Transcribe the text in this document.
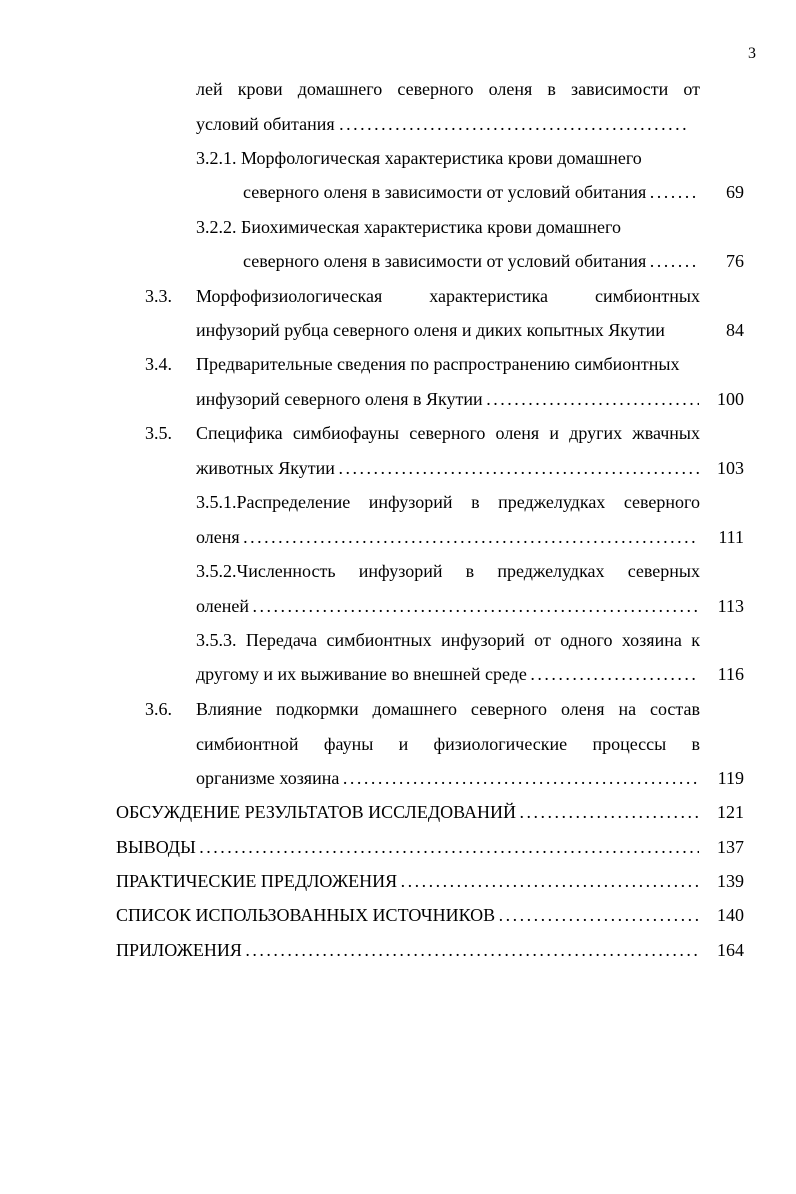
3
лей крови домашнего северного оленя в зависимости от
условий обитания . . .
3.2.1. Морфологическая характеристика крови домашнего
северного оленя в зависимости от условий обитания . . .	69
3.2.2. Биохимическая характеристика крови домашнего
северного оленя в зависимости от условий обитания . . .	76
3.3. Морфофизиологическая характеристика симбионтных
инфузорий рубца северного оленя и диких копытных Якутии	84
3.4. Предварительные сведения по распространению симбионтных
инфузорий северного оленя в Якутии . . .	100
3.5. Специфика симбиофауны северного оленя и других жвачных
животных Якутии . . .	103
3.5.1.Распределение инфузорий в преджелудках северного
оленя . . .	111
3.5.2.Численность инфузорий в преджелудках северных
оленей . . .	113
3.5.3. Передача симбионтных инфузорий от одного хозяина к
другому и их выживание во внешней среде . . .	116
3.6. Влияние подкормки домашнего северного оленя на состав
симбионтной фауны и физиологические процессы в
организме хозяина . . .	119
ОБСУЖДЕНИЕ РЕЗУЛЬТАТОВ ИССЛЕДОВАНИЙ . . .	121
ВЫВОДЫ . . .	137
ПРАКТИЧЕСКИЕ ПРЕДЛОЖЕНИЯ . . .	139
СПИСОК ИСПОЛЬЗОВАННЫХ ИСТОЧНИКОВ . . .	140
ПРИЛОЖЕНИЯ . . .	164
